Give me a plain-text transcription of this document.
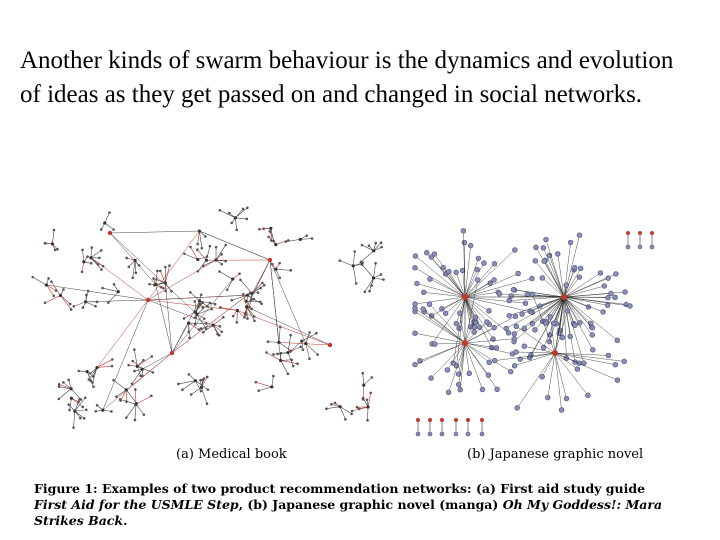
Another kinds of swarm behaviour is the dynamics and evolution of ideas as they get passed on and changed in social networks.

(a) Medical book	(b) Japanese graphic novel
Figure 1: Examples of two product recommendation networks: (a) First aid study guide First Aid for the USMLE Step, (b) Japanese graphic novel (manga) Oh My Goddess!: Mara Strikes Back.
